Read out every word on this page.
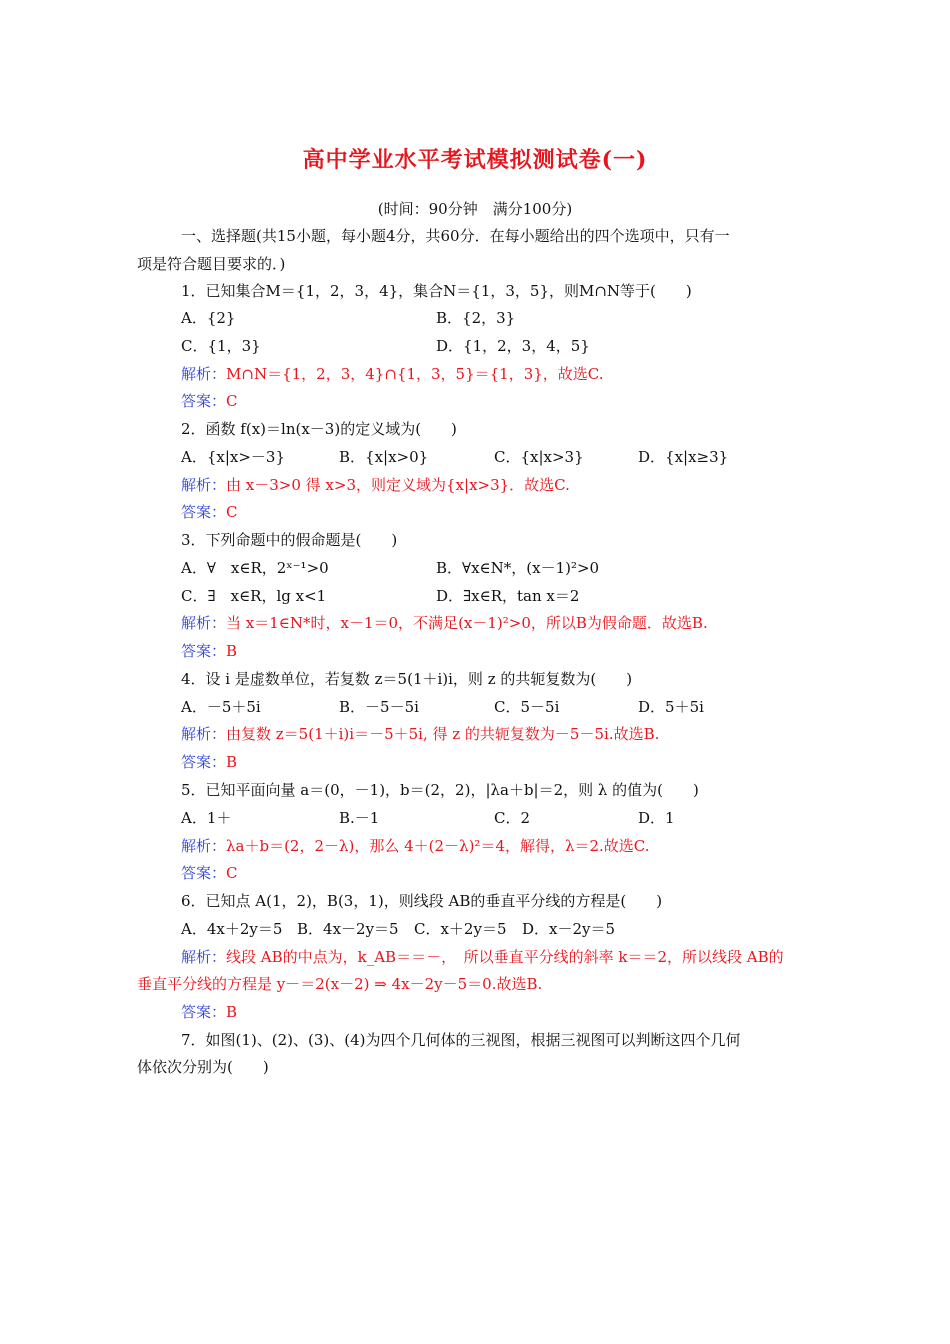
高中学业水平考试模拟测试卷(一)
(时间：90分钟　满分100分)
一、选择题(共15小题，每小题4分，共60分．在每小题给出的四个选项中，只有一
项是符合题目要求的．)
1．已知集合M＝{1，2，3，4}，集合N＝{1，3，5}，则M∩N等于(　　)
A．{2}	B．{2，3}
C．{1，3}	D．{1，2，3，4，5}
解析：M∩N＝{1，2，3，4}∩{1，3，5}＝{1，3}，故选C.
答案：C
2．函数 f(x)＝ln(x－3)的定义域为(　　)
A．{x|x>－3}	B．{x|x>0}	C．{x|x>3}	D．{x|x≥3}
解析：由 x－3>0 得 x>3，则定义域为{x|x>3}．故选C.
答案：C
3．下列命题中的假命题是(　　)
A．∀　x∈R，2ˣ⁻¹>0	B．∀x∈N*，(x－1)²>0
C．∃　x∈R，lg x<1	D．∃x∈R，tan x＝2
解析：当 x＝1∈N*时，x－1＝0，不满足(x－1)²>0，所以B为假命题．故选B.
答案：B
4．设 i 是虚数单位，若复数 z＝5(1＋i)i，则 z 的共轭复数为(　　)
A．－5＋5i	B．－5－5i	C．5－5i	D．5＋5i
解析：由复数 z＝5(1＋i)i＝－5＋5i, 得 z 的共轭复数为－5－5i.故选B.
答案：B
5．已知平面向量 a＝(0，－1)，b＝(2，2)，|λa＋b|＝2，则 λ 的值为(　　)
A．1＋	B.－1	C．2	D．1
解析：λa＋b＝(2，2－λ)，那么 4＋(2－λ)²＝4，解得，λ＝2.故选C.
答案：C
6．已知点 A(1，2)，B(3，1)，则线段 AB的垂直平分线的方程是(　　)
A．4x＋2y＝5 B．4x－2y＝5 C．x＋2y＝5 D．x－2y＝5
解析：线段 AB的中点为，k_AB＝＝－，　所以垂直平分线的斜率 k＝＝2，所以线段 AB的
垂直平分线的方程是 y－＝2(x－2) ⇒ 4x－2y－5＝0.故选B.
答案：B
7．如图(1)、(2)、(3)、(4)为四个几何体的三视图，根据三视图可以判断这四个几何
体依次分别为(　　)
